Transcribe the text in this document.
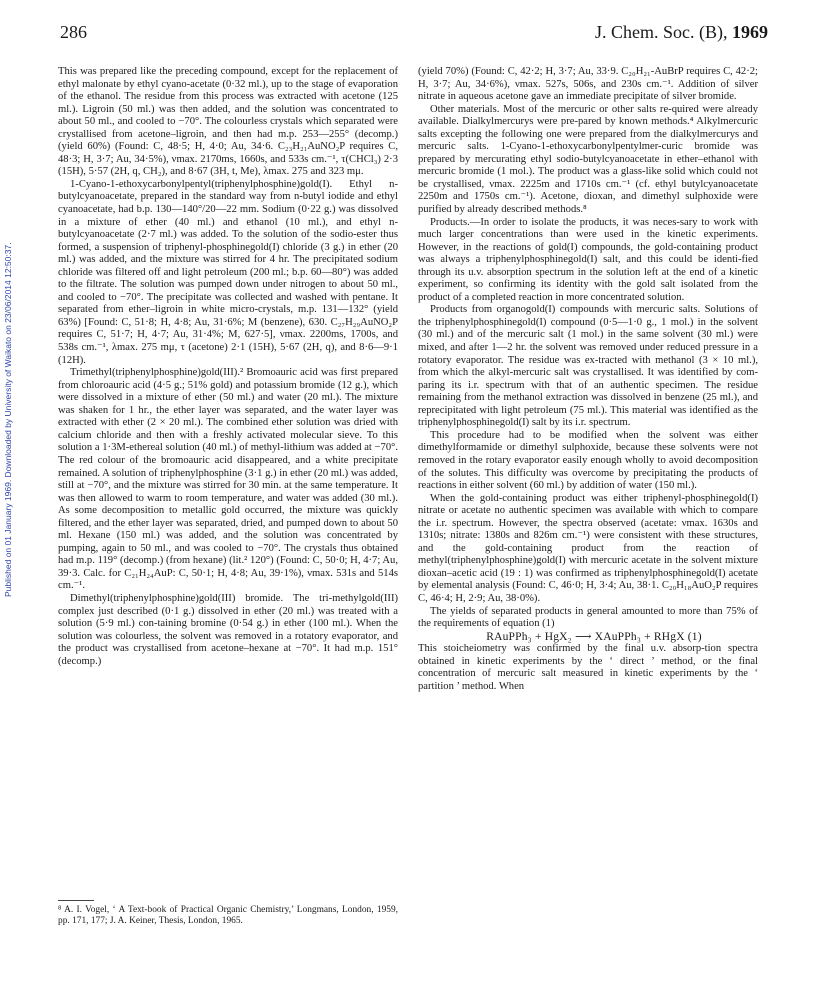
Published on 01 January 1969. Downloaded by University of Waikato on 23/06/2014 12:50:37.
286	J. Chem. Soc. (B), 1969

This was prepared like the preceding compound, except for the replacement of ethyl malonate by ethyl cyano-acetate (0·32 ml.), up to the stage of evaporation of the ethanol. The residue from this process was extracted with acetone (125 ml.). Ligroin (50 ml.) was then added, and the solution was concentrated to about 50 ml., and cooled to −70°. The colourless crystals which separated were crystallised from acetone–ligroin, and then had m.p. 253—255° (decomp.) (yield 60%) (Found: C, 48·5; H, 4·0; Au, 34·6. C₂₃H₂₁AuNO₂P requires C, 48·3; H, 3·7; Au, 34·5%), νmax. 2170ms, 1660s, and 533s cm.⁻¹, τ(CHCl₃) 2·3 (15H), 5·57 (2H, q, CH₂), and 8·67 (3H, t, Me), λmax. 275 and 323 mμ.

1-Cyano-1-ethoxycarbonylpentyl(triphenylphosphine)gold(I). Ethyl n-butylcyanoacetate, prepared in the standard way from n-butyl iodide and ethyl cyanoacetate, had b.p. 130—140°/20—22 mm. Sodium (0·22 g.) was dissolved in a mixture of ether (40 ml.) and ethanol (10 ml.), and ethyl n-butylcyanoacetate (2·7 ml.) was added. To the solution of the sodio-ester thus formed, a suspension of triphenyl-phosphinegold(I) chloride (3 g.) in ether (20 ml.) was added, and the mixture was stirred for 4 hr. The precipitated sodium chloride was filtered off and light petroleum (200 ml.; b.p. 60—80°) was added to the filtrate. The solution was pumped down under nitrogen to about 50 ml., and cooled to −70°. The precipitate was collected and washed with pentane. It separated from ether–ligroin in white micro-crystals, m.p. 131—132° (yield 63%) [Found: C, 51·8; H, 4·8; Au, 31·6%; M (benzene), 630. C₂₇H₂₉AuNO₂P requires C, 51·7; H, 4·7; Au, 31·4%; M, 627·5], νmax. 2200ms, 1700s, and 538s cm.⁻¹, λmax. 275 mμ, τ (acetone) 2·1 (15H), 5·67 (2H, q), and 8·6—9·1 (12H).

Trimethyl(triphenylphosphine)gold(III).² Bromoauric acid was first prepared from chloroauric acid (4·5 g.; 51% gold) and potassium bromide (12 g.), which were dissolved in a mixture of ether (50 ml.) and water (20 ml.). The mixture was shaken for 1 hr., the ether layer was separated, and the water layer was extracted with ether (2 × 20 ml.). The combined ether solution was dried with calcium chloride and then with a freshly activated molecular sieve. To this solution a 1·3M-ethereal solution (40 ml.) of methyl-lithium was added at −70°. The red colour of the bromoauric acid disappeared, and a white precipitate remained. A solution of triphenylphosphine (3·1 g.) in ether (20 ml.) was added, still at −70°, and the mixture was stirred for 30 min. at the same temperature. It was then allowed to warm to room temperature, and water was added (30 ml.). As some decomposition to metallic gold occurred, the mixture was quickly filtered, and the ether layer was separated, dried, and pumped down to about 50 ml. Hexane (150 ml.) was added, and the solution was concentrated by pumping, again to 50 ml., and was cooled to −70°. The crystals thus obtained had m.p. 119° (decomp.) (from hexane) (lit.² 120°) (Found: C, 50·0; H, 4·7; Au, 39·3. Calc. for C₂₁H₂₄AuP: C, 50·1; H, 4·8; Au, 39·1%), νmax. 531s and 514s cm.⁻¹.

Dimethyl(triphenylphosphine)gold(III) bromide. The tri-methylgold(III) complex just described (0·1 g.) dissolved in ether (20 ml.) was treated with a solution (5·9 ml.) con-taining bromine (0·54 g.) in ether (100 ml.). When the solution was colourless, the solvent was removed in a rotatory evaporator, and the product was crystallised from acetone–hexane at −70°. It had m.p. 151° (decomp.)

⁸ A. I. Vogel, ‘ A Text-book of Practical Organic Chemistry,’ Longmans, London, 1959, pp. 171, 177; J. A. Keiner, Thesis, London, 1965.

(yield 70%) (Found: C, 42·2; H, 3·7; Au, 33·9. C₂₀H₂₁-AuBrP requires C, 42·2; H, 3·7; Au, 34·6%), νmax. 527s, 506s, and 230s cm.⁻¹. Addition of silver nitrate in aqueous acetone gave an immediate precipitate of silver bromide.

Other materials. Most of the mercuric or other salts re-quired were already available. Dialkylmercurys were pre-pared by known methods.⁴ Alkylmercuric salts excepting the following one were prepared from the dialkylmercurys and mercuric salts. 1-Cyano-1-ethoxycarbonylpentylmer-curic bromide was prepared by mercurating ethyl sodio-butylcyanoacetate in ether–ethanol with mercuric bromide (1 mol.). The product was a glass-like solid which could not be crystallised, νmax. 2225m and 1710s cm.⁻¹ (cf. ethyl butylcyanoacetate 2250m and 1750s cm.⁻¹). Acetone, dioxan, and dimethyl sulphoxide were purified by already described methods.⁸

Products.—In order to isolate the products, it was neces-sary to work with much larger concentrations than were used in the kinetic experiments. However, in the reactions of gold(I) compounds, the gold-containing product was always a triphenylphosphinegold(I) salt, and this could be identi-fied through its u.v. absorption spectrum in the solution left at the end of a kinetic experiment, so confirming its identity with the gold salt isolated from the product of a completed reaction in more concentrated solution.

Products from organogold(I) compounds with mercuric salts. Solutions of the triphenylphosphinegold(I) compound (0·5—1·0 g., 1 mol.) in the solvent (30 ml.) and of the mercuric salt (1 mol.) in the same solvent (30 ml.) were mixed, and after 1—2 hr. the solvent was removed under reduced pressure in a rotatory evaporator. The residue was ex-tracted with methanol (3 × 10 ml.), from which the alkyl-mercuric salt was crystallised. It was identified by com-paring its i.r. spectrum with that of an authentic specimen. The residue remaining from the methanol extraction was dissolved in benzene (25 ml.), and reprecipitated with light petroleum (75 ml.). This material was identified as the triphenylphosphinegold(I) salt by its i.r. spectrum.

This procedure had to be modified when the solvent was either dimethylformamide or dimethyl sulphoxide, because these solvents were not removed in the rotary evaporator easily enough wholly to avoid decomposition of the solutes. This difficulty was overcome by precipitating the products of reactions in either solvent (60 ml.) by addition of water (150 ml.).

When the gold-containing product was either triphenyl-phosphinegold(I) nitrate or acetate no authentic specimen was available with which to compare the i.r. spectrum. However, the spectra observed (acetate: νmax. 1630s and 1310s; nitrate: 1380s and 826m cm.⁻¹) were consistent with these structures, and the gold-containing product from the reaction of methyl(triphenylphosphine)gold(I) with mercuric acetate in the solvent mixture dioxan–acetic acid (19 : 1) was confirmed as triphenylphosphinegold(I) acetate by elemental analysis (Found: C, 46·0; H, 3·4; Au, 38·1. C₂₀H₁₈AuO₂P requires C, 46·4; H, 2·9; Au, 38·0%).

The yields of separated products in general amounted to more than 75% of the requirements of equation (1)

RAuPPh₃ + HgX₂ ⟶ XAuPPh₃ + RHgX (1)

This stoicheiometry was confirmed by the final u.v. absorp-tion spectra obtained in kinetic experiments by the ‘ direct ’ method, or the final concentration of mercuric salt measured in kinetic experiments by the ‘ partition ’ method. When
